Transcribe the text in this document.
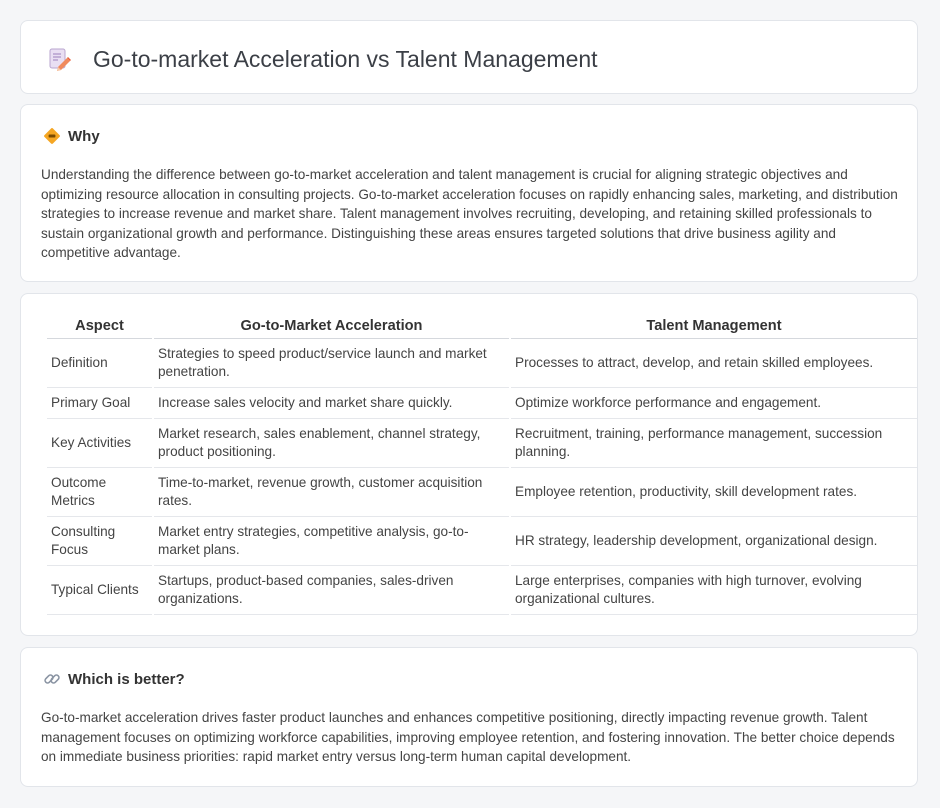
Go-to-market Acceleration vs Talent Management
Why
Understanding the difference between go-to-market acceleration and talent management is crucial for aligning strategic objectives and optimizing resource allocation in consulting projects. Go-to-market acceleration focuses on rapidly enhancing sales, marketing, and distribution strategies to increase revenue and market share. Talent management involves recruiting, developing, and retaining skilled professionals to sustain organizational growth and performance. Distinguishing these areas ensures targeted solutions that drive business agility and competitive advantage.
Aspect	Go-to-Market Acceleration	Talent Management
Definition	Strategies to speed product/service launch and market penetration.	Processes to attract, develop, and retain skilled employees.
Primary Goal	Increase sales velocity and market share quickly.	Optimize workforce performance and engagement.
Key Activities	Market research, sales enablement, channel strategy, product positioning.	Recruitment, training, performance management, succession planning.
Outcome Metrics	Time-to-market, revenue growth, customer acquisition rates.	Employee retention, productivity, skill development rates.
Consulting Focus	Market entry strategies, competitive analysis, go-to-market plans.	HR strategy, leadership development, organizational design.
Typical Clients	Startups, product-based companies, sales-driven organizations.	Large enterprises, companies with high turnover, evolving organizational cultures.
Which is better?
Go-to-market acceleration drives faster product launches and enhances competitive positioning, directly impacting revenue growth. Talent management focuses on optimizing workforce capabilities, improving employee retention, and fostering innovation. The better choice depends on immediate business priorities: rapid market entry versus long-term human capital development.
